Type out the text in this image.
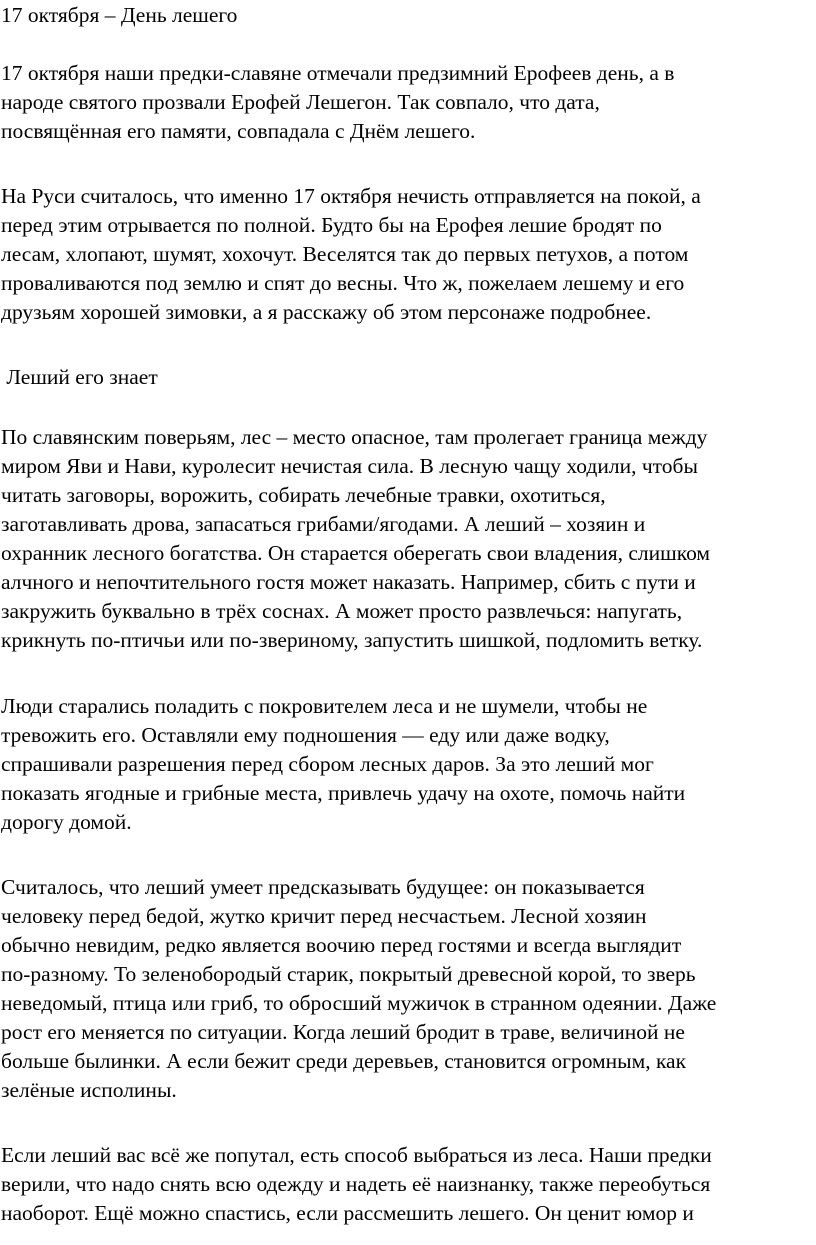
17 октября – День лешего
17 октября наши предки-славяне отмечали предзимний Ерофеев день, а в
народе святого прозвали Ерофей Лешегон. Так совпало, что дата,
посвящённая его памяти, совпадала с Днём лешего.
На Руси считалось, что именно 17 октября нечисть отправляется на покой, а
перед этим отрывается по полной. Будто бы на Ерофея лешие бродят по
лесам, хлопают, шумят, хохочут. Веселятся так до первых петухов, а потом
проваливаются под землю и спят до весны. Что ж, пожелаем лешему и его
друзьям хорошей зимовки, а я расскажу об этом персонаже подробнее.
Леший его знает
По славянским поверьям, лес – место опасное, там пролегает граница между
миром Яви и Нави, куролесит нечистая сила. В лесную чащу ходили, чтобы
читать заговоры, ворожить, собирать лечебные травки, охотиться,
заготавливать дрова, запасаться грибами/ягодами. А леший – хозяин и
охранник лесного богатства. Он старается оберегать свои владения, слишком
алчного и непочтительного гостя может наказать. Например, сбить с пути и
закружить буквально в трёх соснах. А может просто развлечься: напугать,
крикнуть по-птичьи или по-звериному, запустить шишкой, подломить ветку.
Люди старались поладить с покровителем леса и не шумели, чтобы не
тревожить его. Оставляли ему подношения — еду или даже водку,
спрашивали разрешения перед сбором лесных даров. За это леший мог
показать ягодные и грибные места, привлечь удачу на охоте, помочь найти
дорогу домой.
Считалось, что леший умеет предсказывать будущее: он показывается
человеку перед бедой, жутко кричит перед несчастьем. Лесной хозяин
обычно невидим, редко является воочию перед гостями и всегда выглядит
по-разному. То зеленобородый старик, покрытый древесной корой, то зверь
неведомый, птица или гриб, то обросший мужичок в странном одеянии. Даже
рост его меняется по ситуации. Когда леший бродит в траве, величиной не
больше былинки. А если бежит среди деревьев, становится огромным, как
зелёные исполины.
Если леший вас всё же попутал, есть способ выбраться из леса. Наши предки
верили, что надо снять всю одежду и надеть её наизнанку, также переобуться
наоборот. Ещё можно спастись, если рассмешить лешего. Он ценит юмор и
